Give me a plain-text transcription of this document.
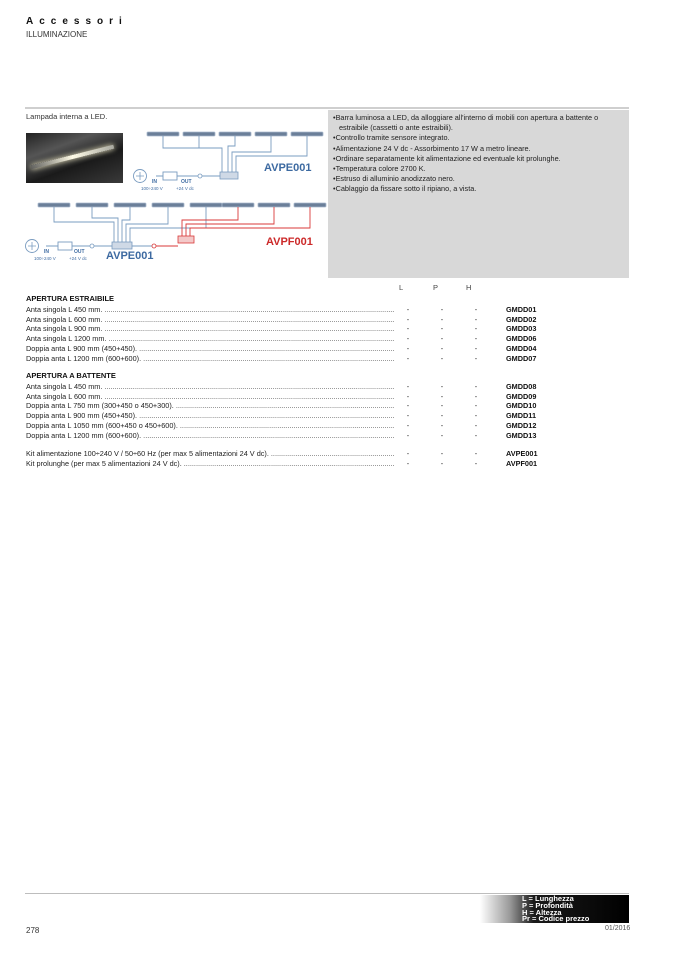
Accessori
ILLUMINAZIONE
Lampada interna a LED.
IN	OUT
100÷240 V	+24 V dc
AVPE001
IN	OUT
100÷240 V	+24 V dc AVPE001
AVPF001
• Barra luminosa a LED, da alloggiare all'interno di mobili con apertura a battente o estraibile (cassetti o ante estraibili).
• Controllo tramite sensore integrato.
• Alimentazione 24 V dc - Assorbimento 17 W a metro lineare.
• Ordinare separatamente kit alimentazione ed eventuale kit prolunghe.
• Temperatura colore 2700 K.
• Estruso di alluminio anodizzato nero.
• Cablaggio da fissare sotto il ripiano, a vista.
L	P	H
APERTURA ESTRAIBILE
Anta singola L 450 mm. .....	-	-	-	GMDD01
Anta singola L 600 mm. .....	-	-	-	GMDD02
Anta singola L 900 mm. .....	-	-	-	GMDD03
Anta singola L 1200 mm. .....	-	-	-	GMDD06
Doppia anta L 900 mm (450+450). .....	-	-	-	GMDD04
Doppia anta L 1200 mm (600+600). .....	-	-	-	GMDD07
APERTURA A BATTENTE
Anta singola L 450 mm. .....	-	-	-	GMDD08
Anta singola L 600 mm. .....	-	-	-	GMDD09
Doppia anta L 750 mm (300+450 o 450+300). .....	-	-	-	GMDD10
Doppia anta L 900 mm (450+450). .....	-	-	-	GMDD11
Doppia anta L 1050 mm (600+450 o 450+600). .....	-	-	-	GMDD12
Doppia anta L 1200 mm (600+600). .....	-	-	-	GMDD13
Kit alimentazione 100÷240 V / 50÷60 Hz (per max 5 alimentazioni 24 V dc). .....	-	-	-	AVPE001
Kit prolunghe (per max 5 alimentazioni 24 V dc). .....	-	-	-	AVPF001
L = Lunghezza
P = Profondità
H = Altezza
Pr = Codice prezzo
278	01/2016
